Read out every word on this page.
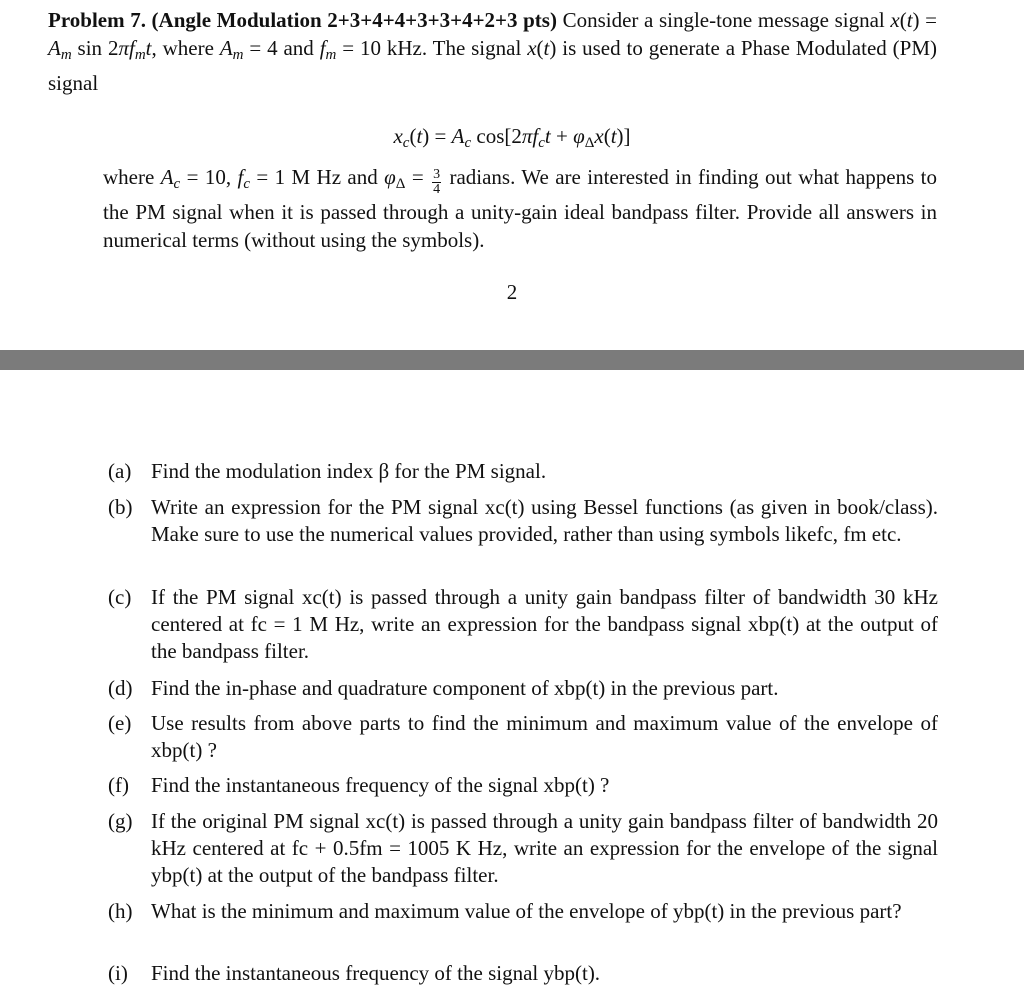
Problem 7. (Angle Modulation 2+3+4+4+3+3+4+2+3 pts) Consider a single-tone message signal $x(t) = A_m$ $\sin 2\pi f_mt$, where $A_m = 4$ and $f_m = 10$ kHz. The signal x(t) is used to generate a Phase Modulated (PM) signal
$x_c(t) = A_c$ $\cos[2\pi f_ct + \varphi_\Delta x(t)]$
where $A_c = 10$, $f_c = 1$ M Hz and $\varphi_\Delta = \frac{3}{4}$ radians. We are interested in finding out what happens to the PM signal when it is passed through a unity-gain ideal bandpass filter. Provide all answers in numerical terms (without using the symbols).
2
(a) Find the modulation index β for the PM signal.
(b) Write an expression for the PM signal xc(t) using Bessel functions (as given in book/class). Make sure to use the numerical values provided, rather than using symbols likefc, fm etc.
(c) If the PM signal xc(t) is passed through a unity gain bandpass filter of bandwidth 30 kHz centered at fc = 1 M Hz, write an expression for the bandpass signal xbp(t) at the output of the bandpass filter.
(d) Find the in-phase and quadrature component of xbp(t) in the previous part.
(e) Use results from above parts to find the minimum and maximum value of the envelope of xbp(t) ?
(f)	Find the instantaneous frequency of the signal xbp(t) ?
(g) If the original PM signal xc(t) is passed through a unity gain bandpass filter of bandwidth 20 kHz centered at fc + 0.5fm = 1005 K Hz, write an expression for the envelope of the signal ybp(t) at the output of the bandpass filter.
(h) What is the minimum and maximum value of the envelope of ybp(t) in the previous part?
(i)	Find the instantaneous frequency of the signal ybp(t).
